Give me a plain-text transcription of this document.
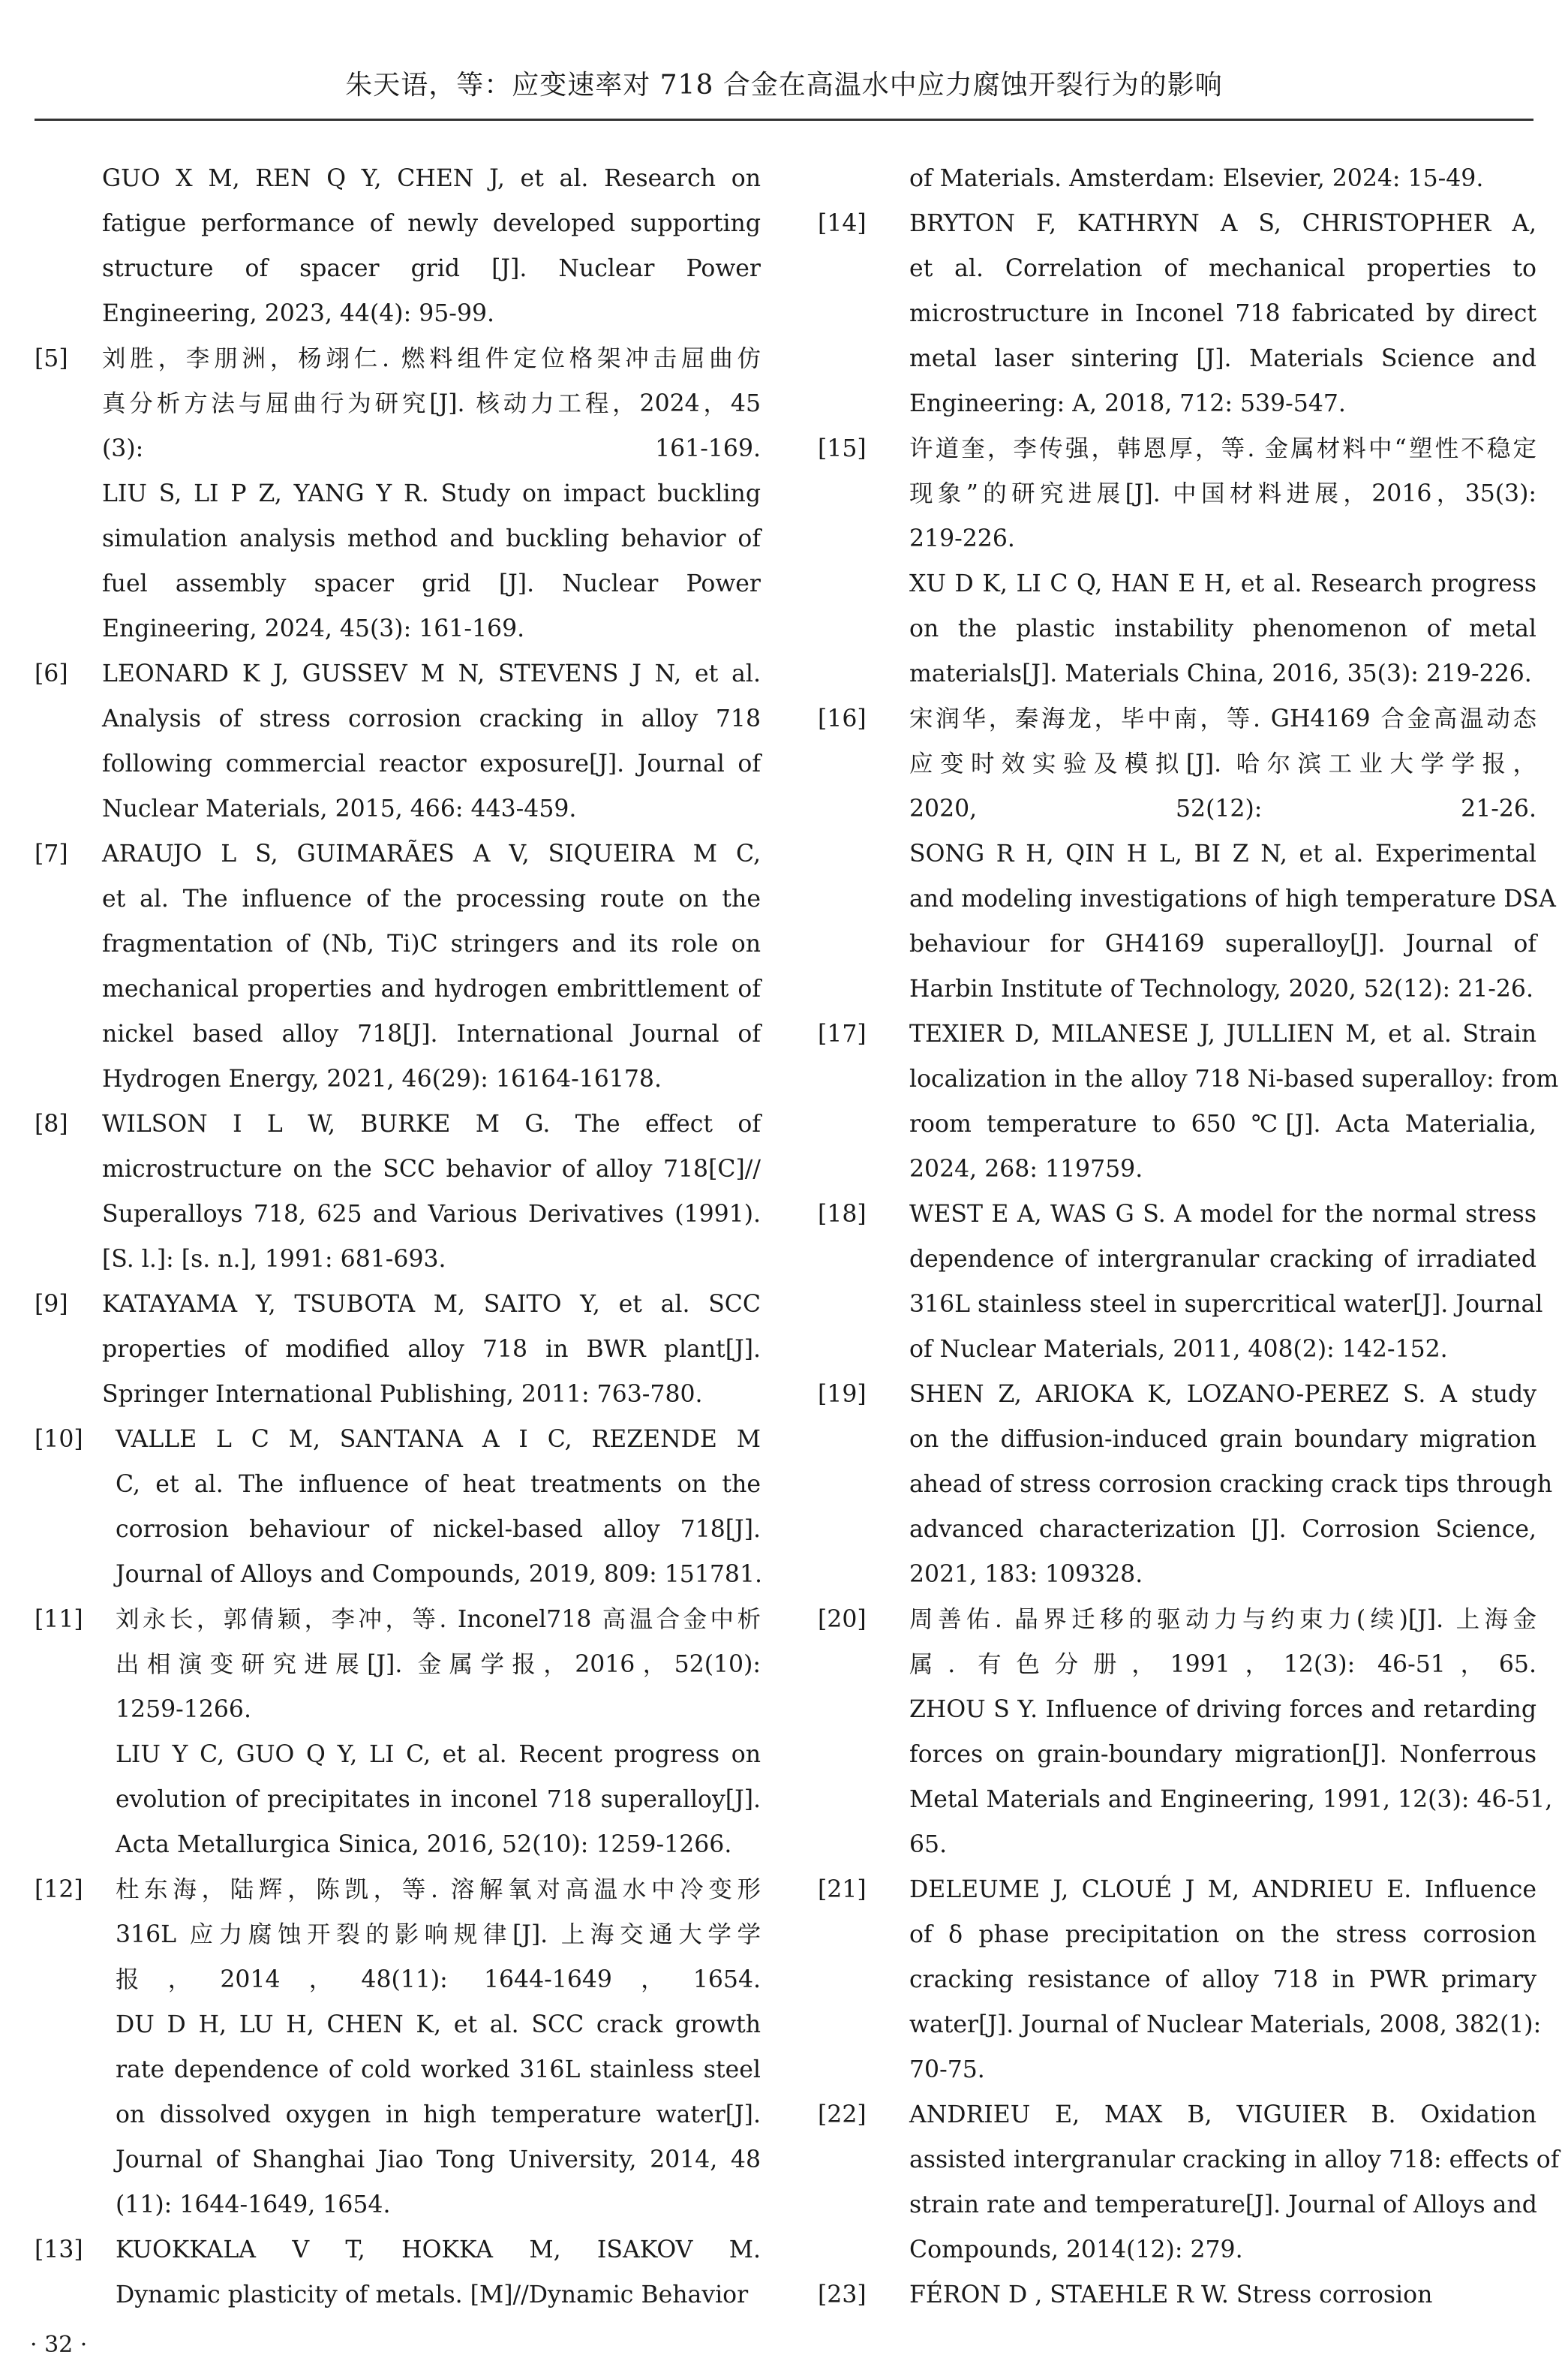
朱天语，等：应变速率对 718 合金在高温水中应力腐蚀开裂行为的影响
GUO X M, REN Q Y, CHEN J, et al. Research on
fatigue performance of newly developed supporting
structure of spacer grid [J]. Nuclear Power
Engineering, 2023, 44(4): 95-99.
[5]	刘胜，李朋洲，杨翊仁. 燃料组件定位格架冲击屈曲仿
真分析方法与屈曲行为研究[J]. 核动力工程，2024，45
(3): 161-169.
LIU S, LI P Z, YANG Y R. Study on impact buckling
simulation analysis method and buckling behavior of
fuel assembly spacer grid [J]. Nuclear Power
Engineering, 2024, 45(3): 161-169.
[6]	LEONARD K J, GUSSEV M N, STEVENS J N, et al.
Analysis of stress corrosion cracking in alloy 718
following commercial reactor exposure[J]. Journal of
Nuclear Materials, 2015, 466: 443-459.
[7]	ARAUJO L S, GUIMARÃES A V, SIQUEIRA M C,
et al. The influence of the processing route on the
fragmentation of (Nb, Ti)C stringers and its role on
mechanical properties and hydrogen embrittlement of
nickel based alloy 718[J]. International Journal of
Hydrogen Energy, 2021, 46(29): 16164-16178.
[8]	WILSON I L W, BURKE M G. The effect of
microstructure on the SCC behavior of alloy 718[C]//
Superalloys 718, 625 and Various Derivatives (1991).
[S. l.]: [s. n.], 1991: 681-693.
[9]	KATAYAMA Y, TSUBOTA M, SAITO Y, et al. SCC
properties of modified alloy 718 in BWR plant[J].
Springer International Publishing, 2011: 763-780.
[10]	VALLE L C M, SANTANA A I C, REZENDE M
C, et al. The influence of heat treatments on the
corrosion behaviour of nickel-based alloy 718[J].
Journal of Alloys and Compounds, 2019, 809: 151781.
[11]	刘永长，郭倩颖，李冲，等. Inconel718 高温合金中析
出相演变研究进展[J]. 金属学报，2016，52(10):
1259-1266.
LIU Y C, GUO Q Y, LI C, et al. Recent progress on
evolution of precipitates in inconel 718 superalloy[J].
Acta Metallurgica Sinica, 2016, 52(10): 1259-1266.
[12]	杜东海，陆辉，陈凯，等. 溶解氧对高温水中冷变形
316L 应力腐蚀开裂的影响规律[J]. 上海交通大学学
报，2014，48(11): 1644-1649，1654.
DU D H, LU H, CHEN K, et al. SCC crack growth
rate dependence of cold worked 316L stainless steel
on dissolved oxygen in high temperature water[J].
Journal of Shanghai Jiao Tong University, 2014, 48
(11): 1644-1649, 1654.
[13]	KUOKKALA V T, HOKKA M, ISAKOV M.
Dynamic plasticity of metals. [M]//Dynamic Behavior
of Materials. Amsterdam: Elsevier, 2024: 15-49.
[14]	BRYTON F, KATHRYN A S, CHRISTOPHER A,
et al. Correlation of mechanical properties to
microstructure in Inconel 718 fabricated by direct
metal laser sintering [J]. Materials Science and
Engineering: A, 2018, 712: 539-547.
[15]	许道奎，李传强，韩恩厚，等. 金属材料中“塑性不稳定
现象”的研究进展[J]. 中国材料进展，2016，35(3):
219-226.
XU D K, LI C Q, HAN E H, et al. Research progress
on the plastic instability phenomenon of metal
materials[J]. Materials China, 2016, 35(3): 219-226.
[16]	宋润华，秦海龙，毕中南，等. GH4169 合金高温动态
应变时效实验及模拟[J]. 哈尔滨工业大学学报，
2020, 52(12): 21-26.
SONG R H, QIN H L, BI Z N, et al. Experimental
and modeling investigations of high temperature DSA
behaviour for GH4169 superalloy[J]. Journal of
Harbin Institute of Technology, 2020, 52(12): 21-26.
[17]	TEXIER D, MILANESE J, JULLIEN M, et al. Strain
localization in the alloy 718 Ni-based superalloy: from
room temperature to 650 ℃[J]. Acta Materialia,
2024, 268: 119759.
[18]	WEST E A, WAS G S. A model for the normal stress
dependence of intergranular cracking of irradiated
316L stainless steel in supercritical water[J]. Journal
of Nuclear Materials, 2011, 408(2): 142-152.
[19]	SHEN Z, ARIOKA K, LOZANO-PEREZ S. A study
on the diffusion-induced grain boundary migration
ahead of stress corrosion cracking crack tips through
advanced characterization [J]. Corrosion Science,
2021, 183: 109328.
[20]	周善佑. 晶界迁移的驱动力与约束力(续)[J]. 上海金
属. 有色分册，1991，12(3): 46-51，65.
ZHOU S Y. Influence of driving forces and retarding
forces on grain-boundary migration[J]. Nonferrous
Metal Materials and Engineering, 1991, 12(3): 46-51,
65.
[21]	DELEUME J, CLOUÉ J M, ANDRIEU E. Influence
of δ phase precipitation on the stress corrosion
cracking resistance of alloy 718 in PWR primary
water[J]. Journal of Nuclear Materials, 2008, 382(1):
70-75.
[22]	ANDRIEU E, MAX B, VIGUIER B. Oxidation
assisted intergranular cracking in alloy 718: effects of
strain rate and temperature[J]. Journal of Alloys and
Compounds, 2014(12): 279.
[23]	FÉRON D , STAEHLE R W. Stress corrosion
· 32 ·
